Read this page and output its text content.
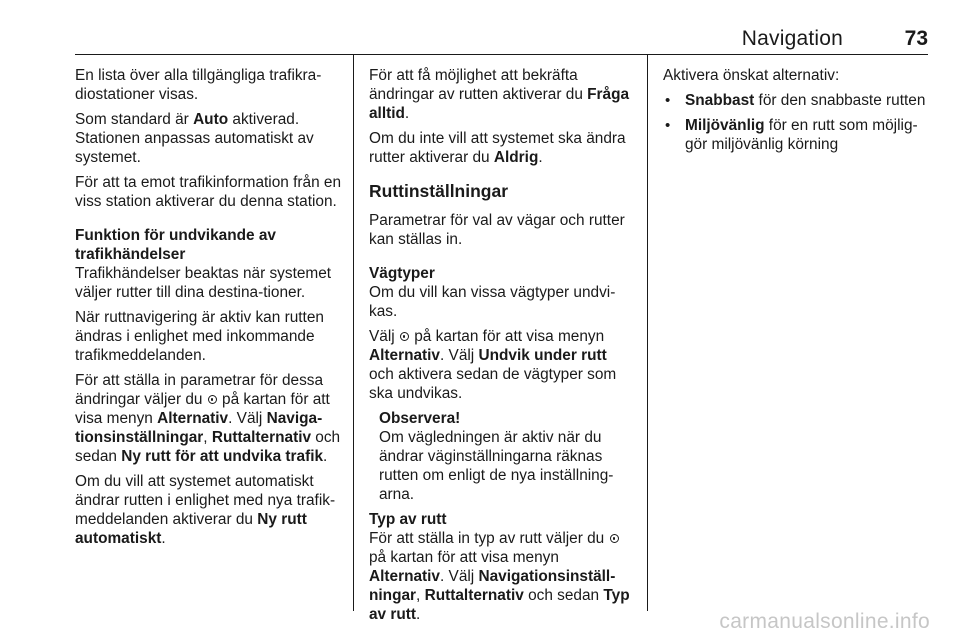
Navigation	73

En lista över alla tillgängliga trafikra-diostationer visas.

Som standard är Auto aktiverad. Stationen anpassas automatiskt av systemet.

För att ta emot trafikinformation från en viss station aktiverar du denna station.

Funktion för undvikande av trafikhändelser

Trafikhändelser beaktas när systemet väljer rutter till dina destina-tioner.

När ruttnavigering är aktiv kan rutten ändras i enlighet med inkommande trafikmeddelanden.

För att ställa in parametrar för dessa ändringar väljer du  på kartan för att visa menyn Alternativ. Välj Naviga-tionsinställningar, Ruttalternativ och sedan Ny rutt för att undvika trafik.

Om du vill att systemet automatiskt ändrar rutten i enlighet med nya trafik-meddelanden aktiverar du Ny rutt automatiskt.

För att få möjlighet att bekräfta ändringar av rutten aktiverar du Fråga alltid.

Om du inte vill att systemet ska ändra rutter aktiverar du Aldrig.

Ruttinställningar

Parametrar för val av vägar och rutter kan ställas in.

Vägtyper

Om du vill kan vissa vägtyper undvi-kas.

Välj  på kartan för att visa menyn Alternativ. Välj Undvik under rutt och aktivera sedan de vägtyper som ska undvikas.

Observera!

Om vägledningen är aktiv när du ändrar väginställningarna räknas rutten om enligt de nya inställning-arna.

Typ av rutt

För att ställa in typ av rutt väljer du  på kartan för att visa menyn Alternativ. Välj Navigationsinställ-ningar, Ruttalternativ och sedan Typ av rutt.

Aktivera önskat alternativ:

• Snabbast för den snabbaste rutten
• Miljövänlig för en rutt som möjlig-gör miljövänlig körning
carmanualsonline.info
